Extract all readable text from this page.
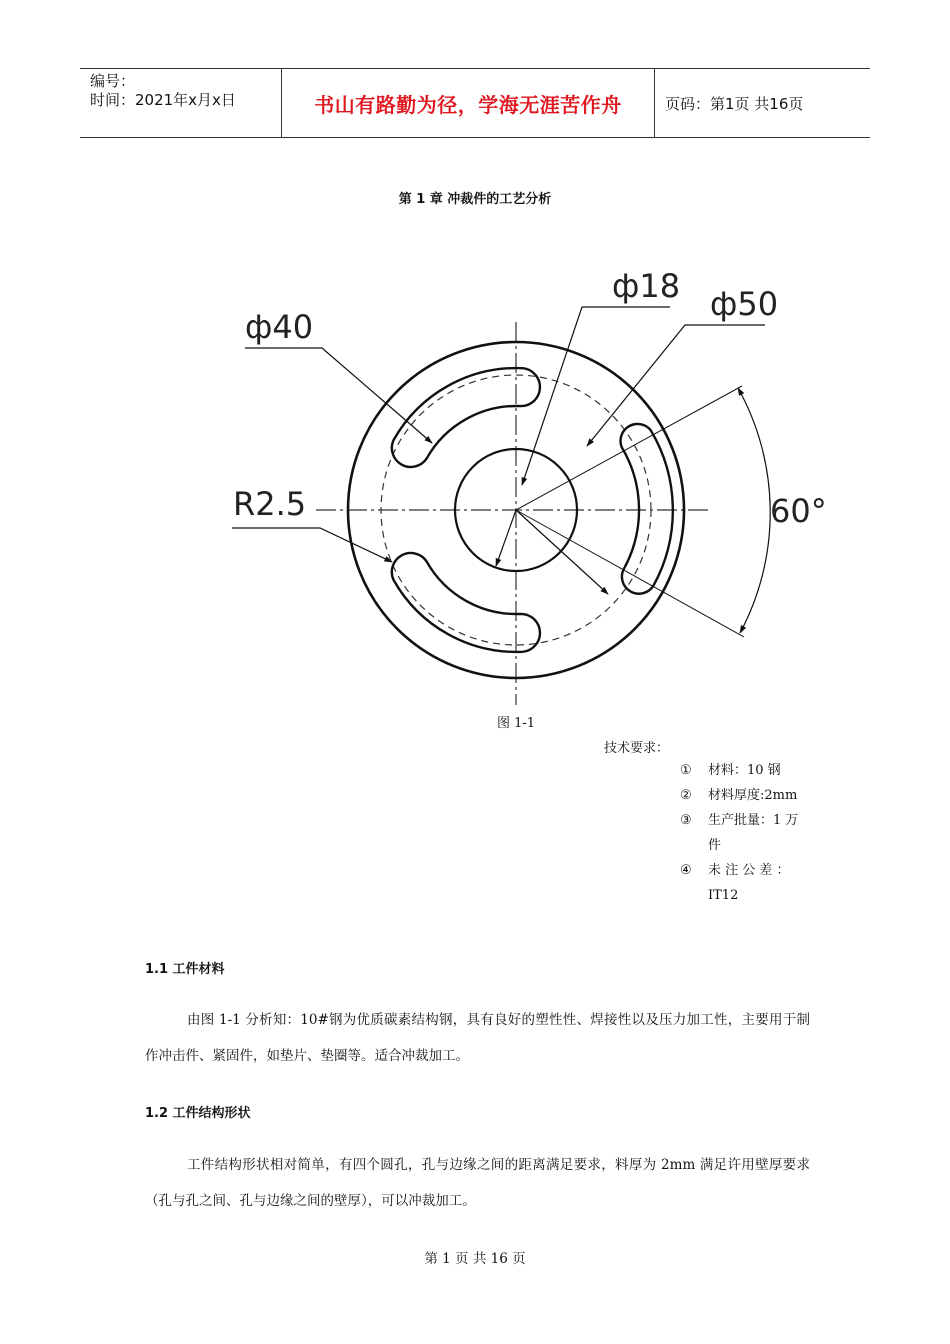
编号：
时间：2021年x月x日	书山有路勤为径，学海无涯苦作舟	页码：第1页 共16页
第 1 章 冲裁件的工艺分析
ф18 ф50
ф40
R2.5	60°
图 1-1
技术要求：
① 材料：10 钢
② 材料厚度:2mm
③ 生产批量：1 万件
④ 未 注 公 差 ：IT12
1.1 工件材料
由图 1-1 分析知：10#钢为优质碳素结构钢，具有良好的塑性性、焊接性以及压力加工性，主要用于制作冲击件、紧固件，如垫片、垫圈等。适合冲裁加工。
1.2 工件结构形状
工件结构形状相对简单，有四个圆孔，孔与边缘之间的距离满足要求，料厚为 2mm 满足许用壁厚要求（孔与孔之间、孔与边缘之间的壁厚），可以冲裁加工。
第 1 页 共 16 页
